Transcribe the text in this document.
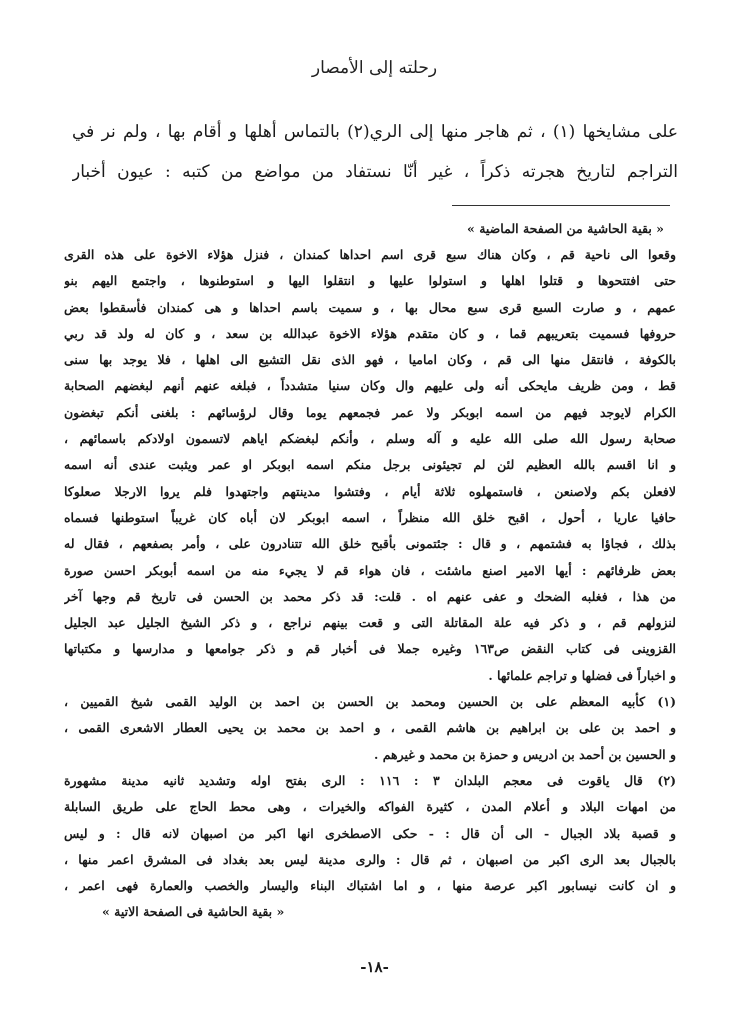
رحلته إلى الأمصار
على مشايخها (١) ، ثم هاجر منها إلى الري(٢) بالتماس أهلها و أقام بها ، ولم نر في
التراجم لتاريخ هجرته ذكراً ، غير أنّا نستفاد من مواضع من كتبه : عيون أخبار
« بقية الحاشية من الصفحة الماضية »
وقعوا الى ناحية قم ، وكان هناك سبع قرى اسم احداها كمندان ، فنزل هؤلاء الاخوة على هذه القرى
حتى افتتحوها و قتلوا اهلها و استولوا عليها و انتقلوا اليها و استوطنوها ، واجتمع اليهم بنو
عمهم ، و صارت السبع قرى سبع محال بها ، و سميت باسم احداها و هى كمندان فأسقطوا بعض
حروفها فسميت بتعريبهم قما ، و كان متقدم هؤلاء الاخوة عبدالله بن سعد ، و كان له ولد قد ربي
بالكوفة ، فانتقل منها الى قم ، وكان اماميا ، فهو الذى نقل التشيع الى اهلها ، فلا يوجد بها سنى
قط ، ومن ظريف مايحكى أنه ولى عليهم وال وكان سنيا متشدداً ، فبلغه عنهم أنهم لبغضهم الصحابة
الكرام لايوجد فيهم من اسمه ابوبكر ولا عمر فجمعهم يوما وقال لرؤسائهم : بلغنى أنكم تبغضون
صحابة رسول الله صلى الله عليه و آله وسلم ، وأنكم لبغضكم اياهم لاتسمون اولادكم باسمائهم ،
و انا اقسم بالله العظيم لئن لم تجيئونى برجل منكم اسمه ابوبكر او عمر ويثبت عندى أنه اسمه
لافعلن بكم ولاصنعن ، فاستمهلوه ثلاثة أيام ، وفتشوا مدينتهم واجتهدوا فلم يروا الارجلا صعلوكا
حافيا عاريا ، أحول ، اقبح خلق الله منظراً ، اسمه ابوبكر لان أباه كان غريباً استوطنها فسماه
بذلك ، فجاؤا به فشتمهم ، و قال : جئتمونى بأقبح خلق الله تتنادرون على ، وأمر بصفعهم ، فقال له
بعض ظرفائهم : أيها الامير اصنع ماشئت ، فان هواء قم لا يجيء منه من اسمه أبوبكر احسن صورة
من هذا ، فغلبه الضحك و عفى عنهم اه . قلت: قد ذكر محمد بن الحسن فى تاريخ قم وجها آخر
لنزولهم قم ، و ذكر فيه علة المقاتلة التى و قعت بينهم نراجع ، و ذكر الشيخ الجليل عبد الجليل
القزوينى فى كتاب النقض ص١٦٣ وغيره جملا فى أخبار قم و ذكر جوامعها و مدارسها و مكتباتها
و اخباراً فى فضلها و تراجم علمائها .
(١) كأبيه المعظم على بن الحسين ومحمد بن الحسن بن احمد بن الوليد القمى شيخ القميين ،
و احمد بن على بن ابراهيم بن هاشم القمى ، و احمد بن محمد بن يحيى العطار الاشعرى القمى ،
و الحسين بن أحمد بن ادريس و حمزة بن محمد و غيرهم .
(٢) قال ياقوت فى معجم البلدان ٣ : ١١٦ : الرى بفتح اوله وتشديد ثانيه مدينة مشهورة
من امهات البلاد و أعلام المدن ، كثيرة الفواكه والخيرات ، وهى محط الحاج على طريق السابلة
و قصبة بلاد الجبال - الى أن قال : - حكى الاصطخرى انها اكبر من اصبهان لانه قال : و ليس
بالجبال بعد الرى اكبر من اصبهان ، ثم قال : والرى مدينة ليس بعد بغداد فى المشرق اعمر منها ،
و ان كانت نيسابور اكبر عرصة منها ، و اما اشتباك البناء واليسار والخصب والعمارة فهى اعمر ،
« بقية الحاشية فى الصفحة الاتية »
-١٨-
